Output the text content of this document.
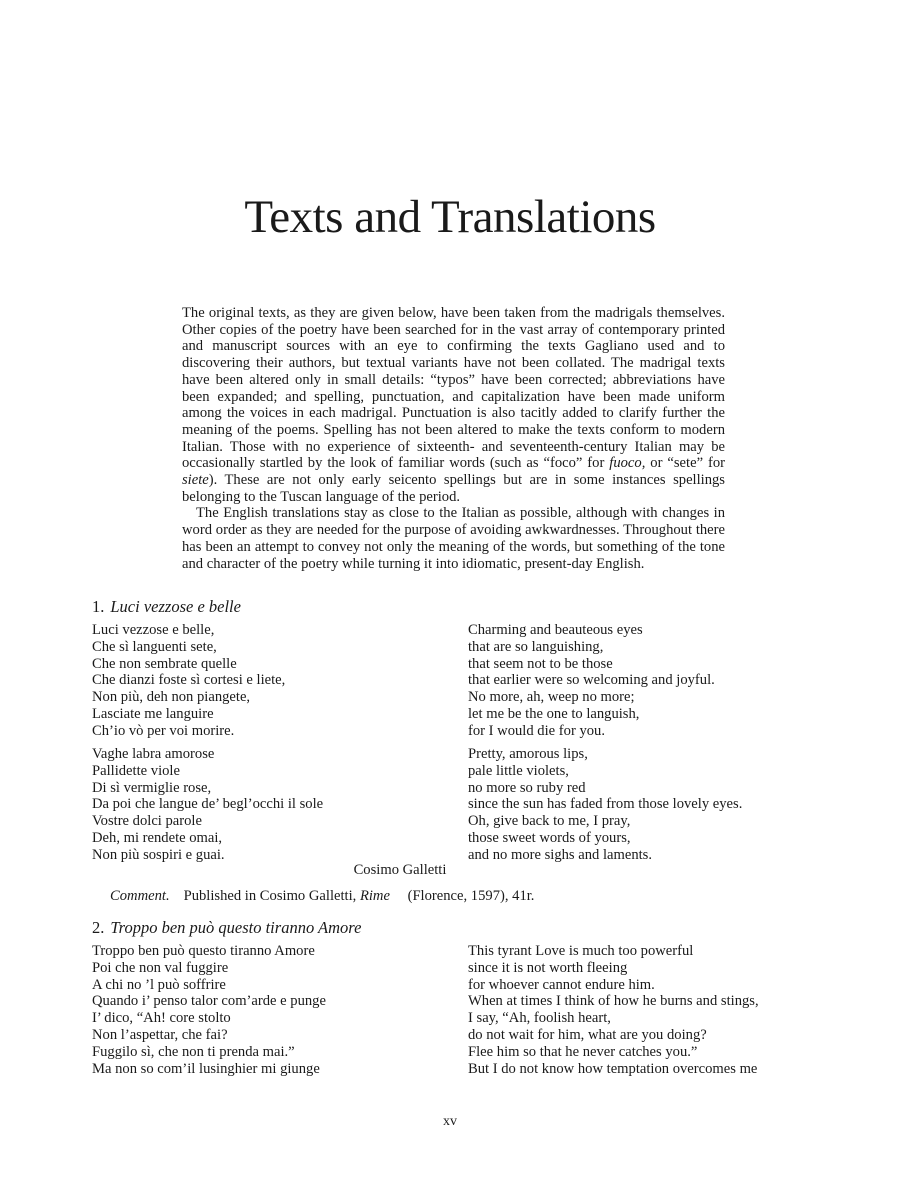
Texts and Translations

The original texts, as they are given below, have been taken from the madrigals themselves. Other copies of the poetry have been searched for in the vast array of contemporary printed and manuscript sources with an eye to confirming the texts Gagliano used and to discovering their authors, but textual variants have not been collated. The madrigal texts have been altered only in small details: “typos” have been corrected; abbreviations have been expanded; and spelling, punctuation, and capitalization have been made uniform among the voices in each madrigal. Punctuation is also tacitly added to clarify further the meaning of the poems. Spelling has not been altered to make the texts conform to modern Italian. Those with no experience of sixteenth- and seventeenth-century Italian may be occasionally startled by the look of familiar words (such as “foco” for fuoco, or “sete” for siete). These are not only early seicento spellings but are in some instances spellings belonging to the Tuscan language of the period.

The English translations stay as close to the Italian as possible, although with changes in word order as they are needed for the purpose of avoiding awkwardnesses. Throughout there has been an attempt to convey not only the meaning of the words, but something of the tone and character of the poetry while turning it into idiomatic, present-day English.

1. Luci vezzose e belle
Luci vezzose e belle,
Che sì languenti sete,
Che non sembrate quelle
Che dianzi foste sì cortesi e liete,
Non più, deh non piangete,
Lasciate me languire
Ch’io vò per voi morire.
Charming and beauteous eyes
that are so languishing,
that seem not to be those
that earlier were so welcoming and joyful.
No more, ah, weep no more;
let me be the one to languish,
for I would die for you.
Vaghe labra amorose
Pallidette viole
Di sì vermiglie rose,
Da poi che langue de’ begl’occhi il sole
Vostre dolci parole
Deh, mi rendete omai,
Non più sospiri e guai.
Pretty, amorous lips,
pale little violets,
no more so ruby red
since the sun has faded from those lovely eyes.
Oh, give back to me, I pray,
those sweet words of yours,
and no more sighs and laments.
Cosimo Galletti
Comment. Published in Cosimo Galletti, Rime (Florence, 1597), 41r.
2. Troppo ben può questo tiranno Amore
Troppo ben può questo tiranno Amore
Poi che non val fuggire
A chi no ’l può soffrire
Quando i’ penso talor com’arde e punge
I’ dico, “Ah! core stolto
Non l’aspettar, che fai?
Fuggilo sì, che non ti prenda mai.”
Ma non so com’il lusinghier mi giunge
This tyrant Love is much too powerful
since it is not worth fleeing
for whoever cannot endure him.
When at times I think of how he burns and stings,
I say, “Ah, foolish heart,
do not wait for him, what are you doing?
Flee him so that he never catches you.”
But I do not know how temptation overcomes me
xv
